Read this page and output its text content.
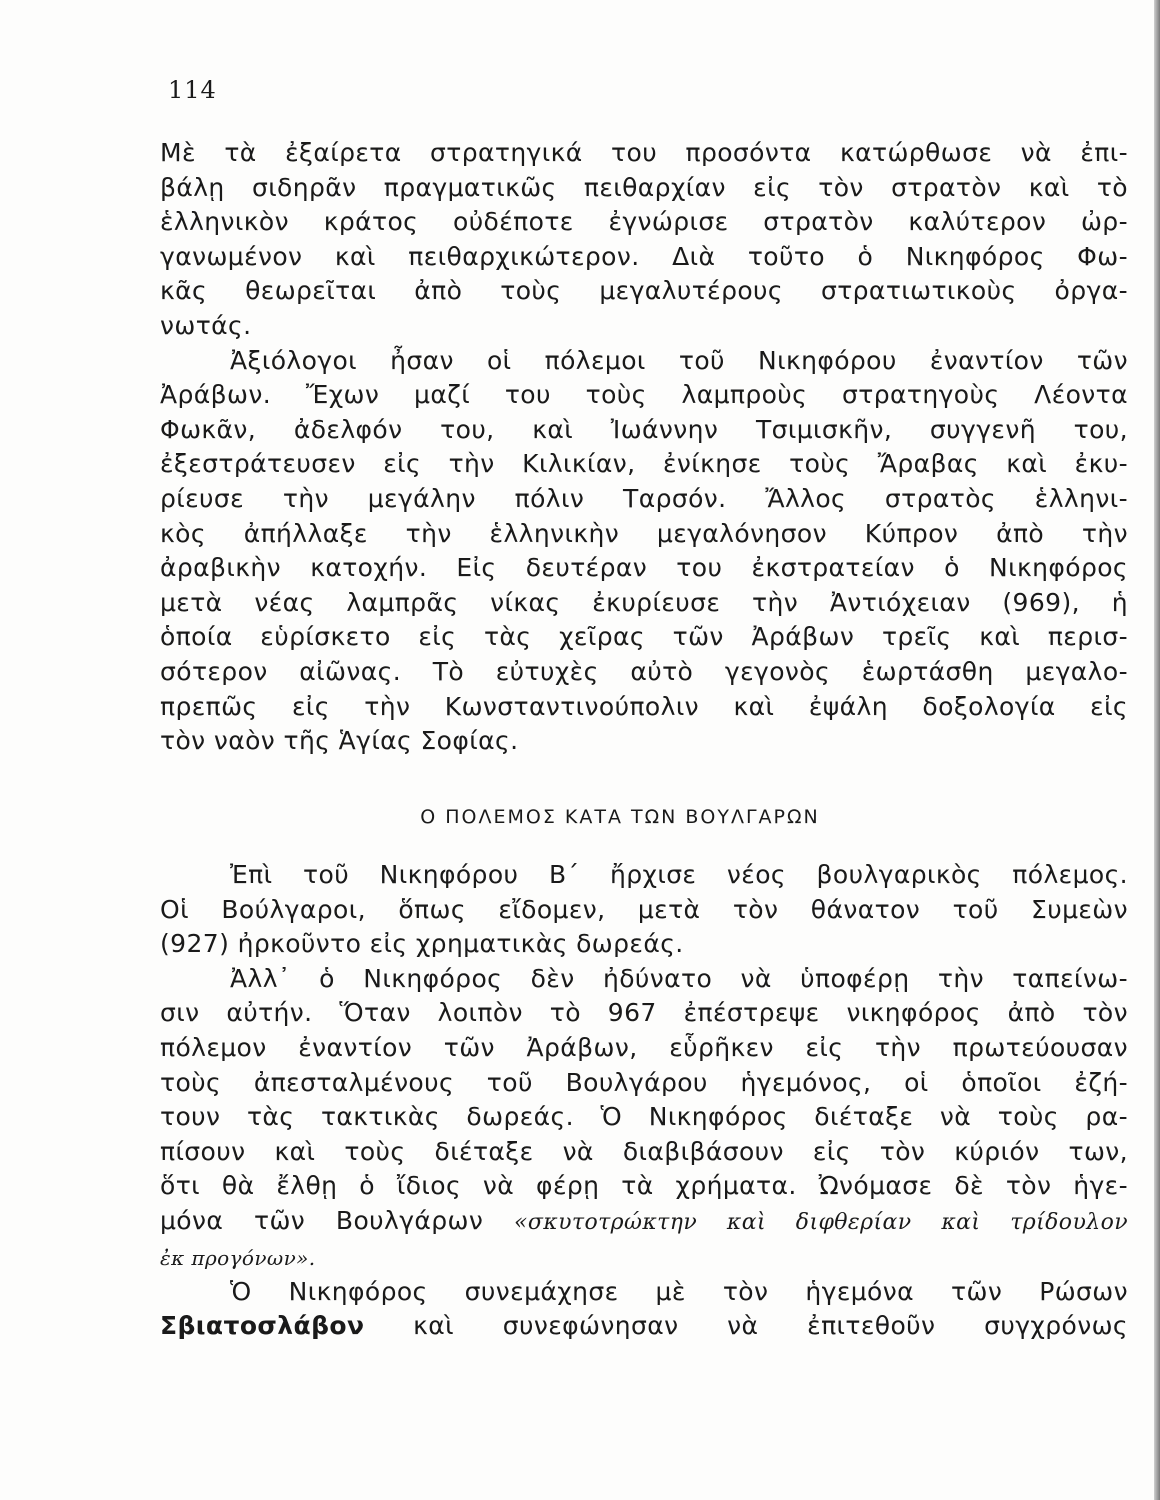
114
Μὲ τὰ ἐξαίρετα στρατηγικά του προσόντα κατώρθωσε νὰ ἐπι-
βάλῃ σιδηρᾶν πραγματικῶς πειθαρχίαν εἰς τὸν στρατὸν καὶ τὸ
ἑλληνικὸν κράτος οὐδέποτε ἐγνώρισε στρατὸν καλύτερον ὠρ-
γανωμένον καὶ πειθαρχικώτερον. Διὰ τοῦτο ὁ Νικηφόρος Φω-
κᾶς θεωρεῖται ἀπὸ τοὺς μεγαλυτέρους στρατιωτικοὺς ὀργα-
νωτάς.
Ἀξιόλογοι ἦσαν οἱ πόλεμοι τοῦ Νικηφόρου ἐναντίον τῶν
Ἀράβων. Ἔχων μαζί του τοὺς λαμπροὺς στρατηγοὺς Λέοντα
Φωκᾶν, ἀδελφόν του, καὶ Ἰωάννην Τσιμισκῆν, συγγενῆ του,
ἐξεστράτευσεν εἰς τὴν Κιλικίαν, ἐνίκησε τοὺς Ἄραβας καὶ ἐκυ-
ρίευσε τὴν μεγάλην πόλιν Ταρσόν. Ἄλλος στρατὸς ἑλληνι-
κὸς ἀπήλλαξε τὴν ἑλληνικὴν μεγαλόνησον Κύπρον ἀπὸ τὴν
ἀραβικὴν κατοχήν. Εἰς δευτέραν του ἐκστρατείαν ὁ Νικηφόρος
μετὰ νέας λαμπρᾶς νίκας ἐκυρίευσε τὴν Ἀντιόχειαν (969), ἡ
ὁποία εὑρίσκετο εἰς τὰς χεῖρας τῶν Ἀράβων τρεῖς καὶ περισ-
σότερον αἰῶνας. Τὸ εὐτυχὲς αὐτὸ γεγονὸς ἑωρτάσθη μεγαλο-
πρεπῶς εἰς τὴν Κωνσταντινούπολιν καὶ ἐψάλη δοξολογία εἰς
τὸν ναὸν τῆς Ἁγίας Σοφίας.
Ο ΠΟΛΕΜΟΣ ΚΑΤΑ ΤΩΝ ΒΟΥΛΓΑΡΩΝ
Ἐπὶ τοῦ Νικηφόρου Β΄ ἤρχισε νέος βουλγαρικὸς πόλεμος.
Οἱ Βούλγαροι, ὅπως εἴδομεν, μετὰ τὸν θάνατον τοῦ Συμεὼν
(927) ἠρκοῦντο εἰς χρηματικὰς δωρεάς.
Ἀλλ᾽ ὁ Νικηφόρος δὲν ἠδύνατο νὰ ὑποφέρῃ τὴν ταπείνω-
σιν αὐτήν. Ὅταν λοιπὸν τὸ 967 ἐπέστρεψε νικηφόρος ἀπὸ τὸν
πόλεμον ἐναντίον τῶν Ἀράβων, εὗρῆκεν εἰς τὴν πρωτεύουσαν
τοὺς ἀπεσταλμένους τοῦ Βουλγάρου ἡγεμόνος, οἱ ὁποῖοι ἐζή-
τουν τὰς τακτικὰς δωρεάς. Ὁ Νικηφόρος διέταξε νὰ τοὺς ρα-
πίσουν καὶ τοὺς διέταξε νὰ διαβιβάσουν εἰς τὸν κύριόν των,
ὅτι θὰ ἔλθῃ ὁ ἴδιος νὰ φέρῃ τὰ χρήματα. Ὠνόμασε δὲ τὸν ἡγε-
μόνα τῶν Βουλγάρων «σκυτοτρώκτην καὶ διφθερίαν καὶ τρίδουλον
ἐκ προγόνων».
Ὁ Νικηφόρος συνεμάχησε μὲ τὸν ἡγεμόνα τῶν Ρώσων
Σβιατοσλάβον καὶ συνεφώνησαν νὰ ἐπιτεθοῦν συγχρόνως
